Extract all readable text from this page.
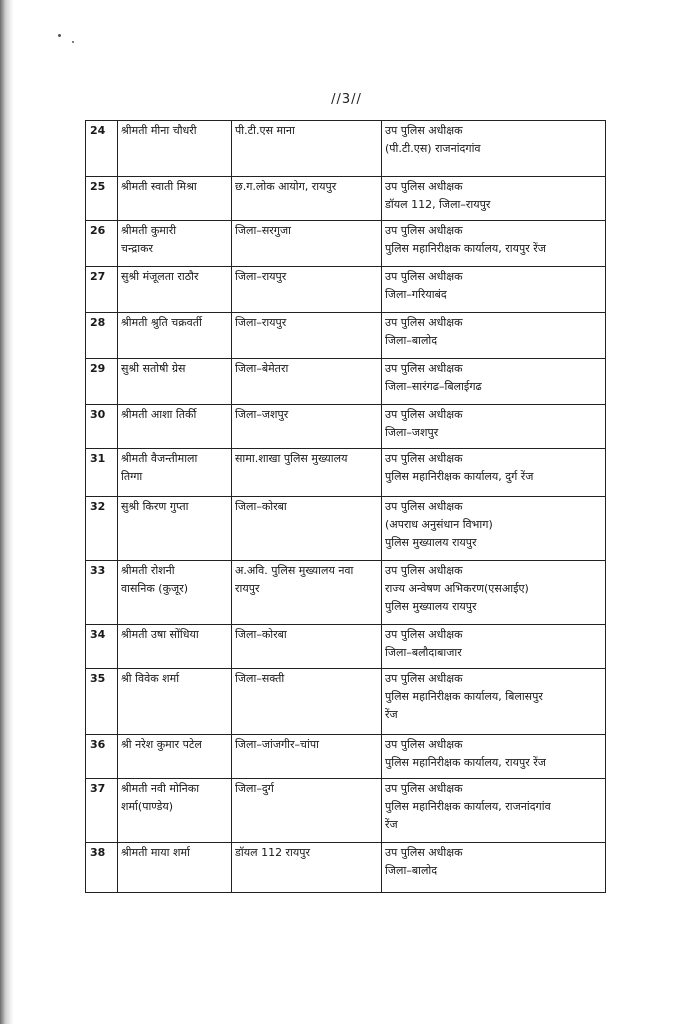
//3//
24	श्रीमती मीना चौधरी	पी.टी.एस माना	उप पुलिस अधीक्षक
(पी.टी.एस) राजनांदगांव

25	श्रीमती स्वाती मिश्रा	छ.ग.लोक आयोग, रायपुर	उप पुलिस अधीक्षक
डॉयल 112, जिला–रायपुर

26	श्रीमती कुमारी
चन्द्राकर	जिला–सरगुजा	उप पुलिस अधीक्षक
पुलिस महानिरीक्षक कार्यालय, रायपुर रेंज

27	सुश्री मंजूलता राठौर	जिला–रायपुर	उप पुलिस अधीक्षक
जिला–गरियाबंद

28	श्रीमती श्रुति चक्रवर्ती	जिला–रायपुर	उप पुलिस अधीक्षक
जिला–बालोद

29	सुश्री सतोषी ग्रेस	जिला–बेमेतरा	उप पुलिस अधीक्षक
जिला–सारंगढ–बिलाईगढ

30	श्रीमती आशा तिर्की	जिला–जशपुर	उप पुलिस अधीक्षक
जिला–जशपुर

31	श्रीमती वैजन्तीमाला
तिग्गा	सामा.शाखा पुलिस मुख्यालय	उप पुलिस अधीक्षक
पुलिस महानिरीक्षक कार्यालय, दुर्ग रेंज

32	सुश्री किरण गुप्ता	जिला–कोरबा	उप पुलिस अधीक्षक
(अपराध अनुसंधान विभाग)
पुलिस मुख्यालय रायपुर

33	श्रीमती रोशनी
वासनिक (कुजूर)	अ.अवि. पुलिस मुख्यालय नवा
रायपुर	उप पुलिस अधीक्षक
राज्य अन्वेषण अभिकरण(एसआईए)
पुलिस मुख्यालय रायपुर

34	श्रीमती उषा सोंधिया	जिला–कोरबा	उप पुलिस अधीक्षक
जिला–बलौदाबाजार

35	श्री विवेक शर्मा	जिला–सक्ती	उप पुलिस अधीक्षक
पुलिस महानिरीक्षक कार्यालय, बिलासपुर
रेंज

36	श्री नरेश कुमार पटेल	जिला–जांजगीर–चांपा	उप पुलिस अधीक्षक
पुलिस महानिरीक्षक कार्यालय, रायपुर रेंज

37	श्रीमती नवी मोनिका
शर्मा(पाण्डेय)	जिला–दुर्ग	उप पुलिस अधीक्षक
पुलिस महानिरीक्षक कार्यालय, राजनांदगांव
रेंज

38	श्रीमती माया शर्मा	डॉयल 112 रायपुर	उप पुलिस अधीक्षक
जिला–बालोद
